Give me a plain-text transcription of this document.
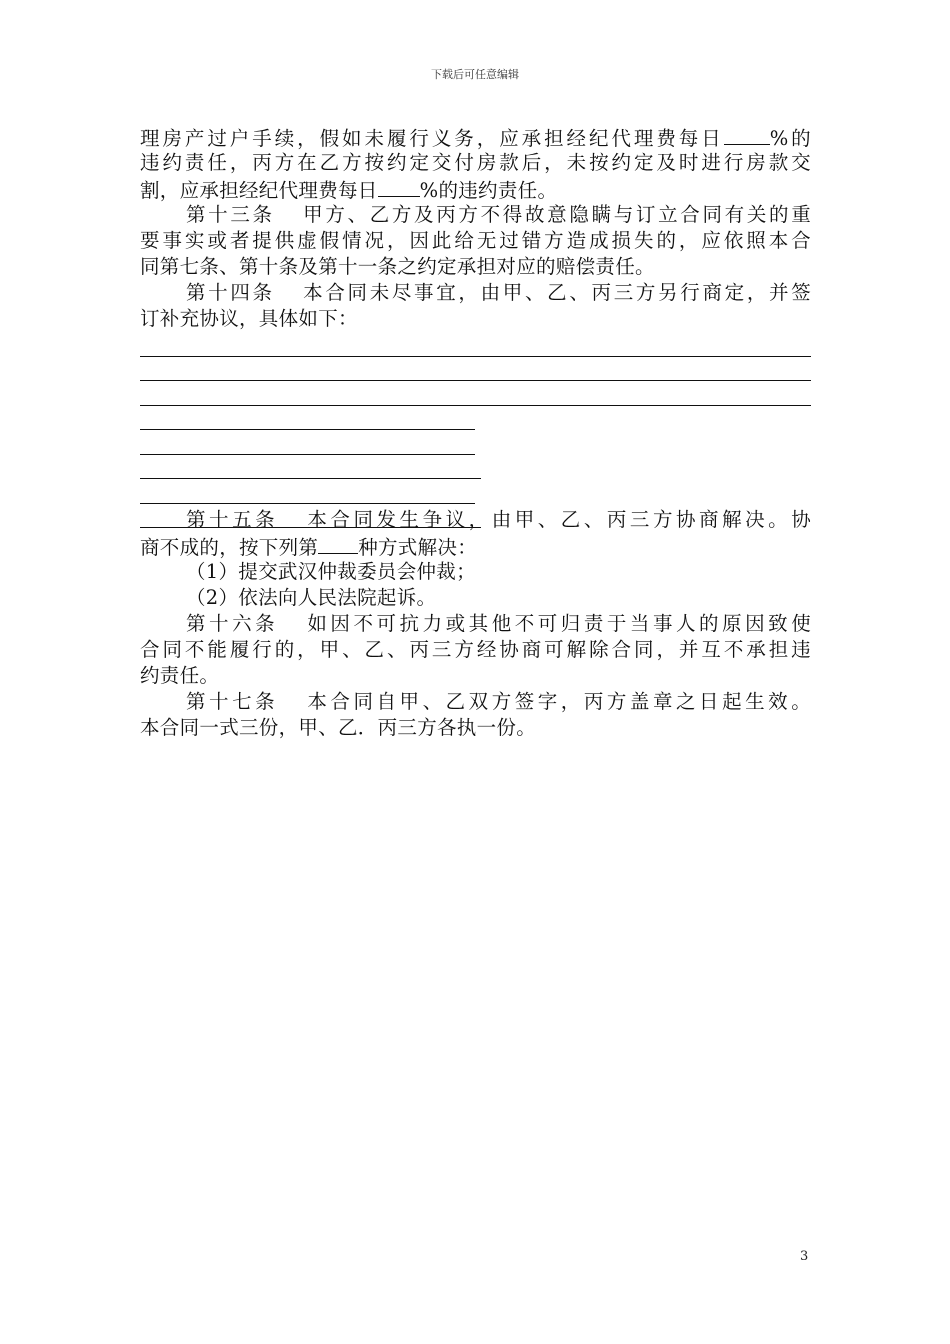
下载后可任意编辑
理房产过户手续，假如未履行义务，应承担经纪代理费每日 %的
违约责任，丙方在乙方按约定交付房款后，未按约定及时进行房款交
割，应承担经纪代理费每日 %的违约责任。
第十三条 甲方、乙方及丙方不得故意隐瞒与订立合同有关的重
要事实或者提供虚假情况，因此给无过错方造成损失的，应依照本合
同第七条、第十条及第十一条之约定承担对应的赔偿责任。
第十四条 本合同未尽事宜，由甲、乙、丙三方另行商定，并签
订补充协议，具体如下：
第十五条 本合同发生争议，由甲、乙、丙三方协商解决。协
商不成的，按下列第 种方式解决：
（1）提交武汉仲裁委员会仲裁；
（2）依法向人民法院起诉。
第十六条 如因不可抗力或其他不可归责于当事人的原因致使
合同不能履行的，甲、乙、丙三方经协商可解除合同，并互不承担违
约责任。
第十七条 本合同自甲、乙双方签字，丙方盖章之日起生效。
本合同一式三份，甲、乙．丙三方各执一份。
3
